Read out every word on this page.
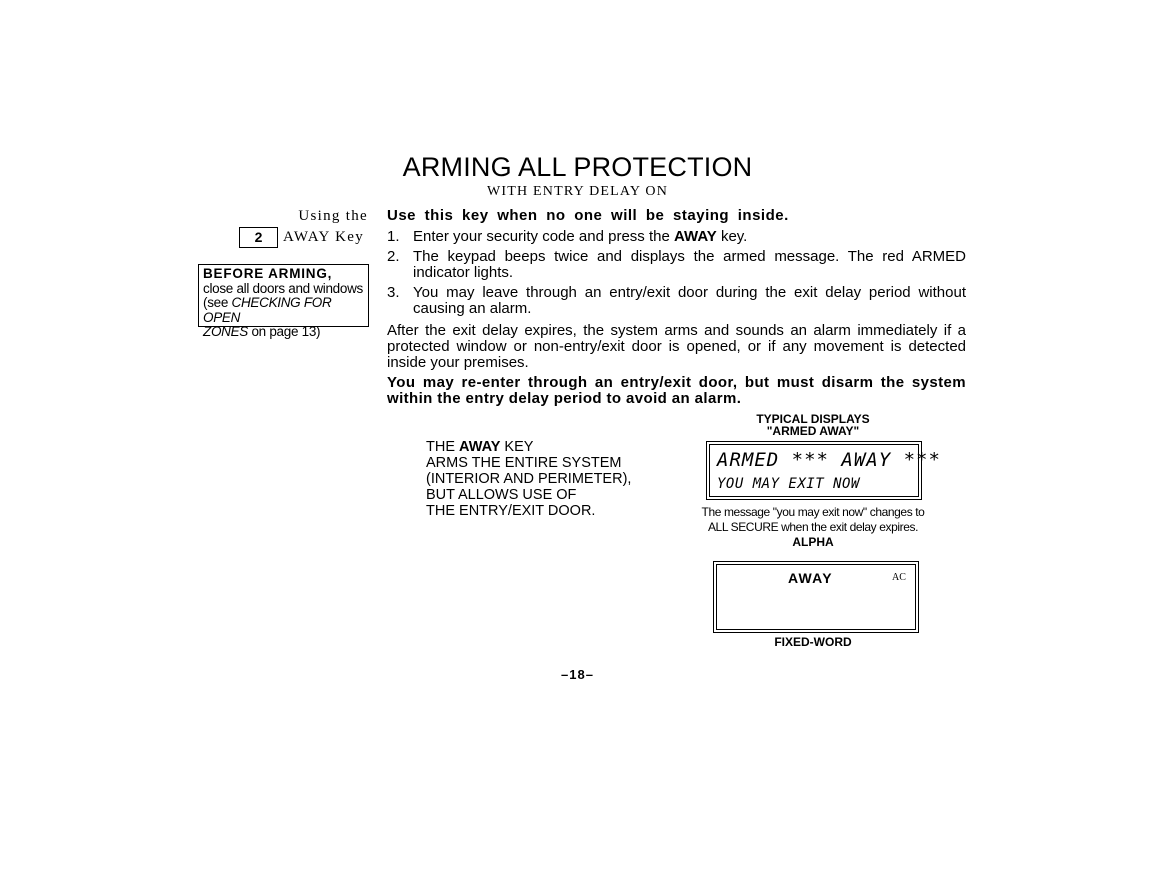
ARMING ALL PROTECTION
WITH ENTRY DELAY ON
Using the
2	AWAY Key
BEFORE ARMING,
close all doors and windows
(see CHECKING FOR OPEN
ZONES on page 13)
Use this key when no one will be staying inside.
1. Enter your security code and press the AWAY key.
2. The keypad beeps twice and displays the armed message. The red ARMED indicator lights.
3. You may leave through an entry/exit door during the exit delay period without causing an alarm.
After the exit delay expires, the system arms and sounds an alarm immediately if a protected window or non-entry/exit door is opened, or if any movement is detected inside your premises.
You may re-enter through an entry/exit door, but must disarm the system within the entry delay period to avoid an alarm.
THE AWAY KEY
ARMS THE ENTIRE SYSTEM
(INTERIOR AND PERIMETER),
BUT ALLOWS USE OF
THE ENTRY/EXIT DOOR.
TYPICAL DISPLAYS
"ARMED AWAY"
ARMED *** AWAY ***
YOU MAY EXIT NOW
The message "you may exit now" changes to
ALL SECURE when the exit delay expires.
ALPHA
AWAY	AC
FIXED-WORD
–18–
